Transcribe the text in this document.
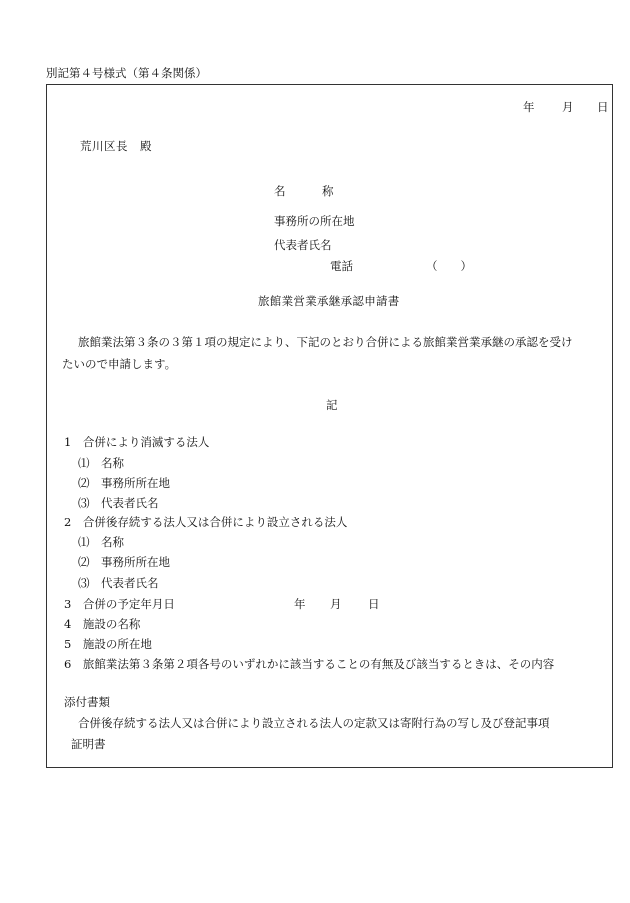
別記第４号様式（第４条関係）
年 月 日
荒川区長　殿
名	称
事務所の所在地
代表者氏名
電話	（　　）
旅館業営業承継承認申請書
旅館業法第３条の３第１項の規定により、下記のとおり合併による旅館業営業承継の承認を受け
たいので申請します。
記
1　合併により消滅する法人
⑴　名称
⑵　事務所所在地
⑶　代表者氏名
2　合併後存続する法人又は合併により設立される法人
⑴　名称
⑵　事務所所在地
⑶　代表者氏名
3　合併の予定年月日	年 月 日
4　施設の名称
5　施設の所在地
6　旅館業法第３条第２項各号のいずれかに該当することの有無及び該当するときは、その内容
添付書類
合併後存続する法人又は合併により設立される法人の定款又は寄附行為の写し及び登記事項
証明書
